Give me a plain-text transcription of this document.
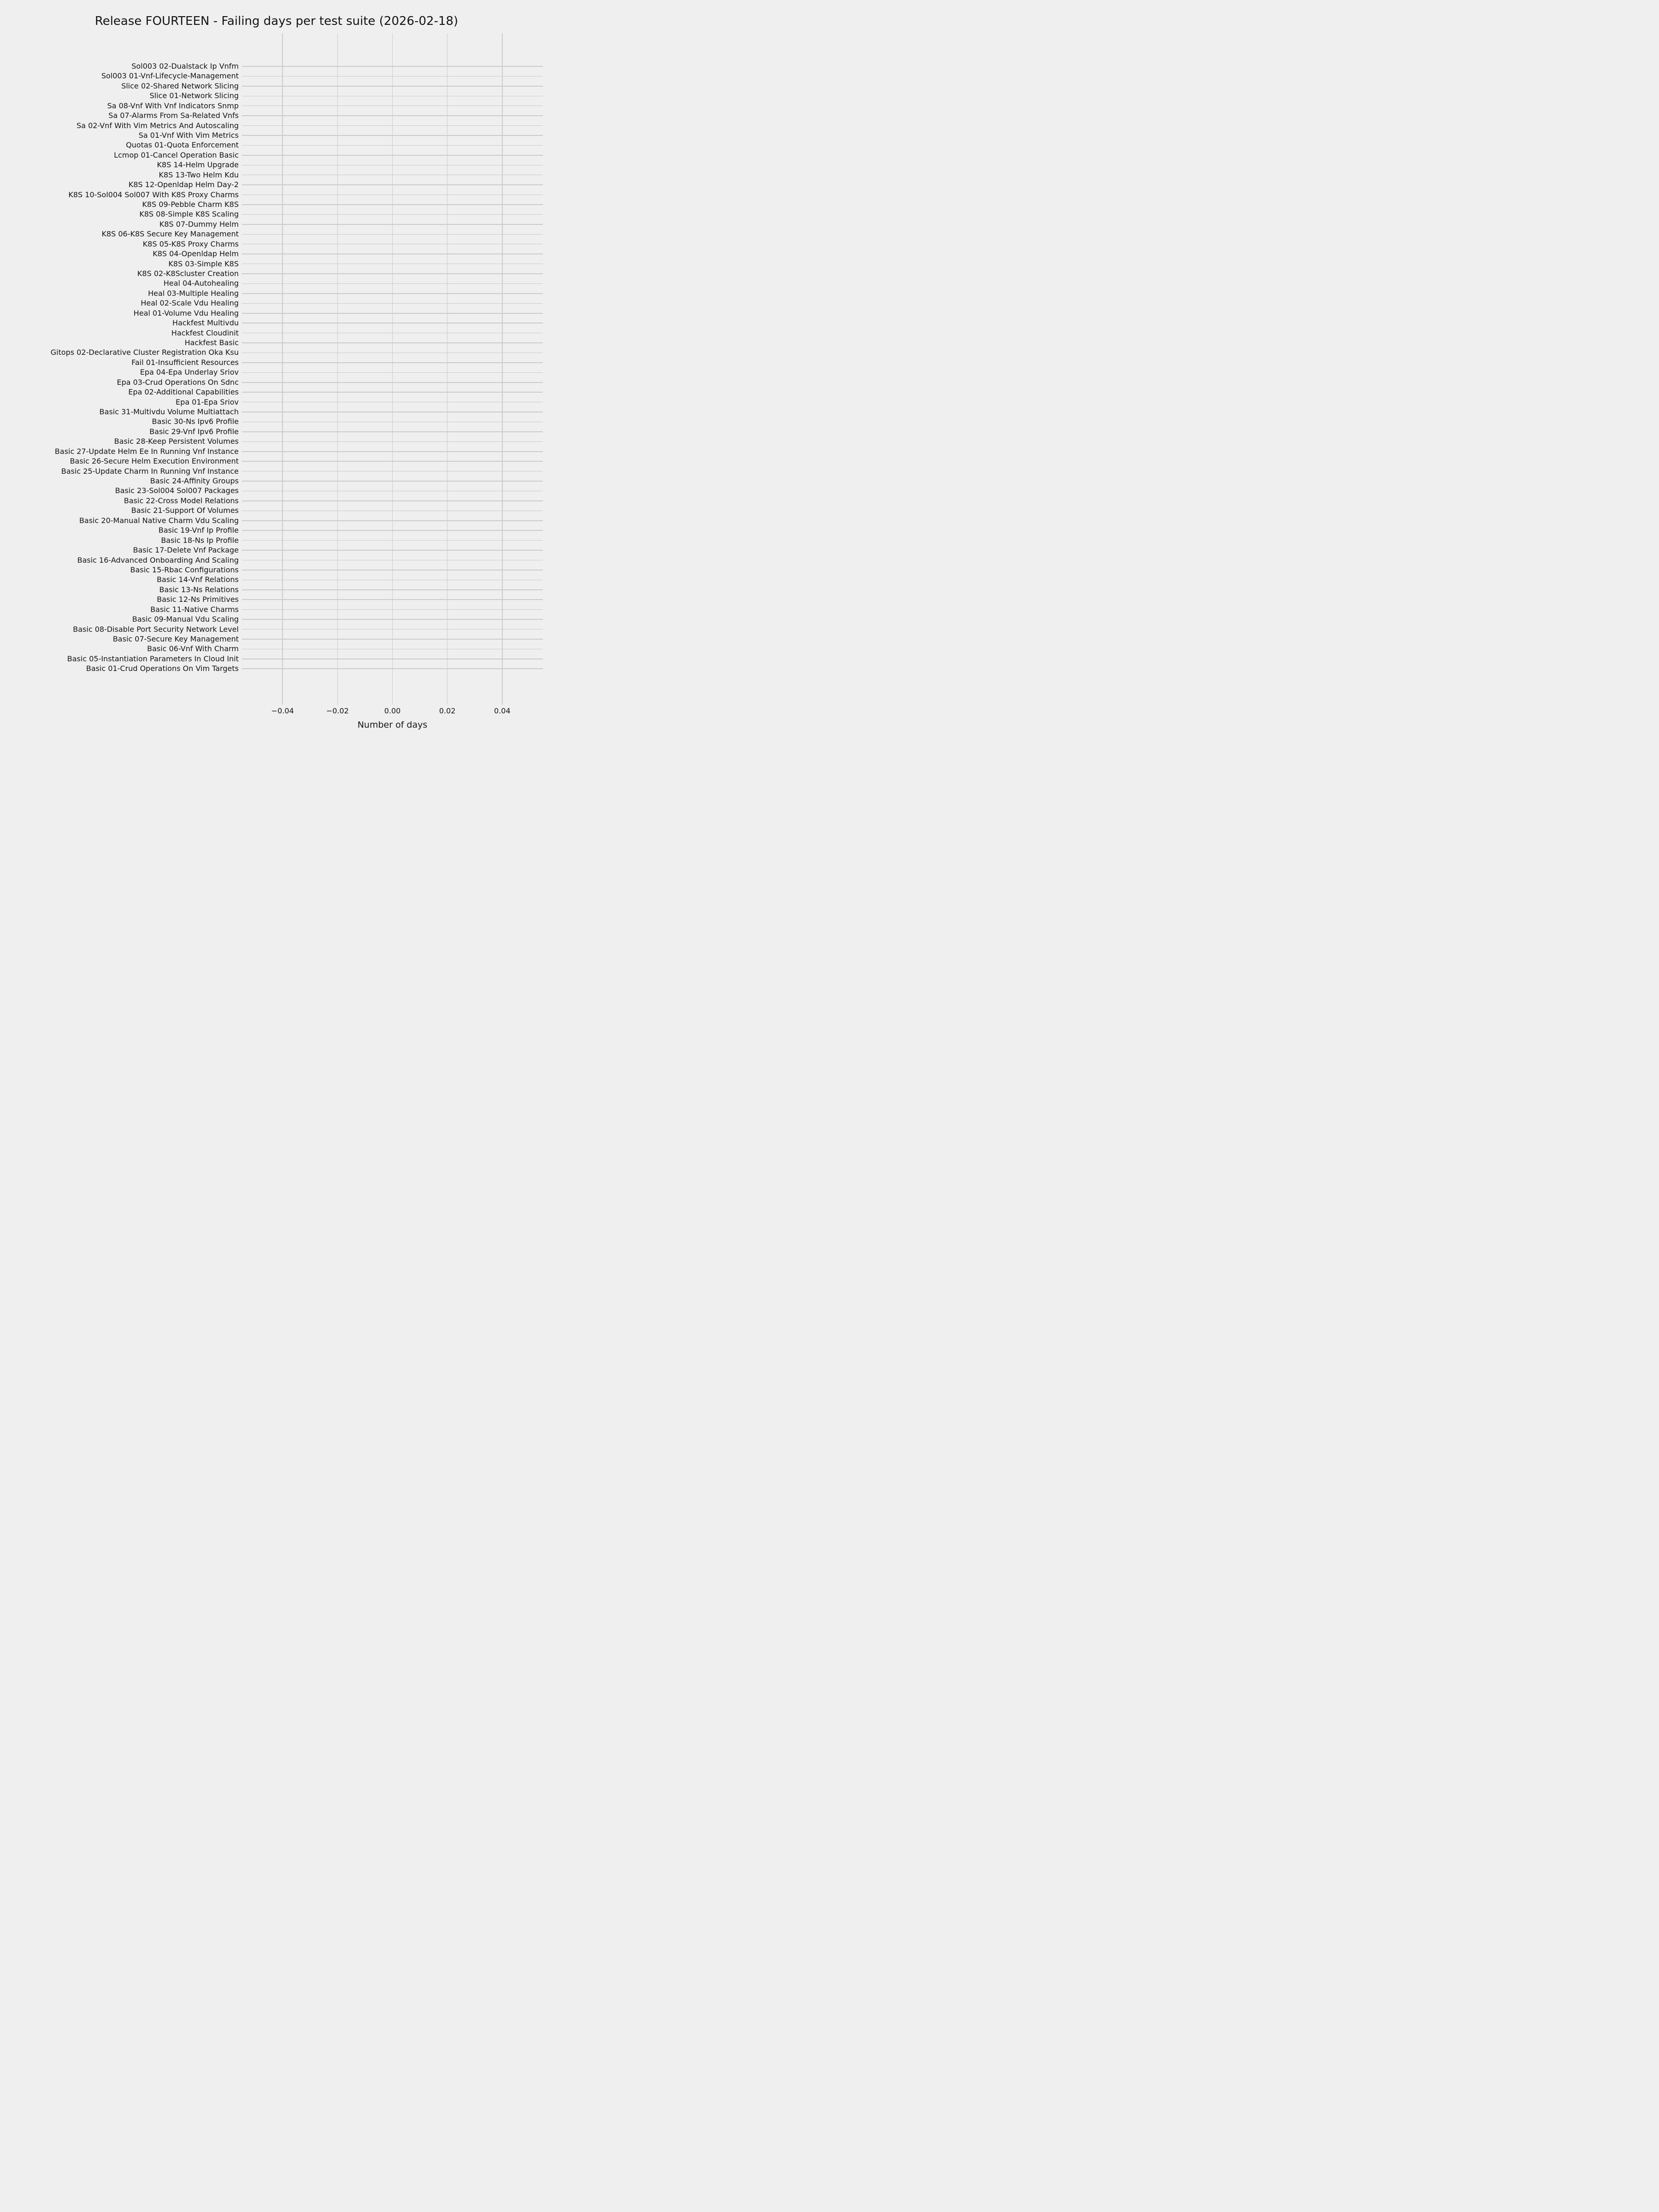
Release FOURTEEN - Failing days per test suite (2026-02-18)
Sol003 02-Dualstack Ip Vnfm
Sol003 01-Vnf-Lifecycle-Management
Slice 02-Shared Network Slicing
Slice 01-Network Slicing
Sa 08-Vnf With Vnf Indicators Snmp
Sa 07-Alarms From Sa-Related Vnfs
Sa 02-Vnf With Vim Metrics And Autoscaling
Sa 01-Vnf With Vim Metrics
Quotas 01-Quota Enforcement
Lcmop 01-Cancel Operation Basic
K8S 14-Helm Upgrade
K8S 13-Two Helm Kdu
K8S 12-Openldap Helm Day-2
K8S 10-Sol004 Sol007 With K8S Proxy Charms
K8S 09-Pebble Charm K8S
K8S 08-Simple K8S Scaling
K8S 07-Dummy Helm
K8S 06-K8S Secure Key Management
K8S 05-K8S Proxy Charms
K8S 04-Openldap Helm
K8S 03-Simple K8S
K8S 02-K8Scluster Creation
Heal 04-Autohealing
Heal 03-Multiple Healing
Heal 02-Scale Vdu Healing
Heal 01-Volume Vdu Healing
Hackfest Multivdu
Hackfest Cloudinit
Hackfest Basic
Gitops 02-Declarative Cluster Registration Oka Ksu
Fail 01-Insufficient Resources
Epa 04-Epa Underlay Sriov
Epa 03-Crud Operations On Sdnc
Epa 02-Additional Capabilities
Epa 01-Epa Sriov
Basic 31-Multivdu Volume Multiattach
Basic 30-Ns Ipv6 Profile
Basic 29-Vnf Ipv6 Profile
Basic 28-Keep Persistent Volumes
Basic 27-Update Helm Ee In Running Vnf Instance
Basic 26-Secure Helm Execution Environment
Basic 25-Update Charm In Running Vnf Instance
Basic 24-Affinity Groups
Basic 23-Sol004 Sol007 Packages
Basic 22-Cross Model Relations
Basic 21-Support Of Volumes
Basic 20-Manual Native Charm Vdu Scaling
Basic 19-Vnf Ip Profile
Basic 18-Ns Ip Profile
Basic 17-Delete Vnf Package
Basic 16-Advanced Onboarding And Scaling
Basic 15-Rbac Configurations
Basic 14-Vnf Relations
Basic 13-Ns Relations
Basic 12-Ns Primitives
Basic 11-Native Charms
Basic 09-Manual Vdu Scaling
Basic 08-Disable Port Security Network Level
Basic 07-Secure Key Management
Basic 06-Vnf With Charm
Basic 05-Instantiation Parameters In Cloud Init
Basic 01-Crud Operations On Vim Targets
−0.04	−0.02	0.00	0.02	0.04
Number of days
